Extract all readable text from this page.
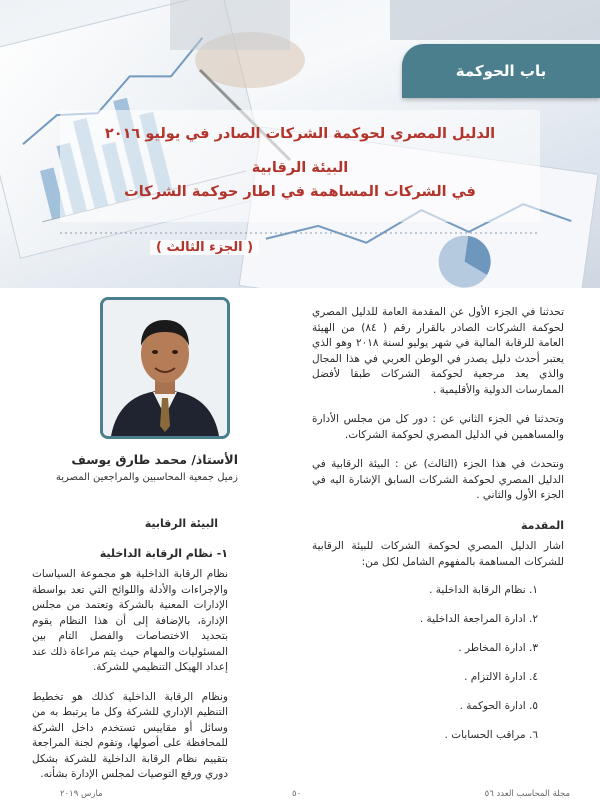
باب الحوكمة
الدليل المصري لحوكمة الشركات الصادر في يوليو ٢٠١٦
البيئة الرقابية
في الشركات المساهمة في اطار حوكمة الشركات
( الجزء الثالث )
الأستاذ/ محمد طارق يوسف
زميل جمعية المحاسبين والمراجعين المصرية

تحدثنا في الجزء الأول عن المقدمة العامة للدليل المصري لحوكمة الشركات الصادر بالقرار رقم ( ٨٤) من الهيئة العامة للرقابة المالية في شهر يوليو لسنة ٢٠١٨ وهو الذي يعتبر أحدث دليل يصدر في الوطن العربي في هذا المجال والذي يعد مرجعية لحوكمة الشركات طبقا لأفضل الممارسات الدولية والأقليمية .

وتحدثنا في الجزء الثاني عن : دور كل من مجلس الأدارة والمساهمين في الدليل المصري لحوكمة الشركات.

ونتحدث في هذا الجزء (الثالث) عن : البيئة الرقابية في الدليل المصري لحوكمة الشركات السابق الإشارة اليه في الجزء الأول والثاني .

المقدمة

اشار الدليل المصري لحوكمة الشركات للبيئة الرقابية للشركات المساهمة بالمفهوم الشامل لكل من:

١. نظام الرقابة الداخلية .
٢. ادارة المراجعة الداخلية .
٣. ادارة المخاطر .
٤. ادارة الالتزام .
٥. ادارة الحوكمة .
٦. مراقب الحسابات .
البيئة الرقابية
١- نظام الرقابة الداخلية

نظام الرقابة الداخلية هو مجموعة السياسات والإجراءات والأدلة واللوائح التي تعد بواسطة الإدارات المعنية بالشركة وتعتمد من مجلس الإدارة، بالإضافة إلى أن هذا النظام يقوم بتحديد الاختصاصات والفصل التام بين المسئوليات والمهام حيث يتم مراعاة ذلك عند إعداد الهيكل التنظيمي للشركة.

ونظام الرقابة الداخلية كذلك هو تخطيط التنظيم الإداري للشركة وكل ما يرتبط به من وسائل أو مقاييس تستخدم داخل الشركة للمحافظة على أصولها، وتقوم لجنة المراجعة بتقييم نظام الرقابة الداخلية للشركة بشكل دوري ورفع التوصيات لمجلس الإدارة بشأنه.

مارس ٢٠١٩	٥٠	مجلة المحاسب العدد ٥٦
